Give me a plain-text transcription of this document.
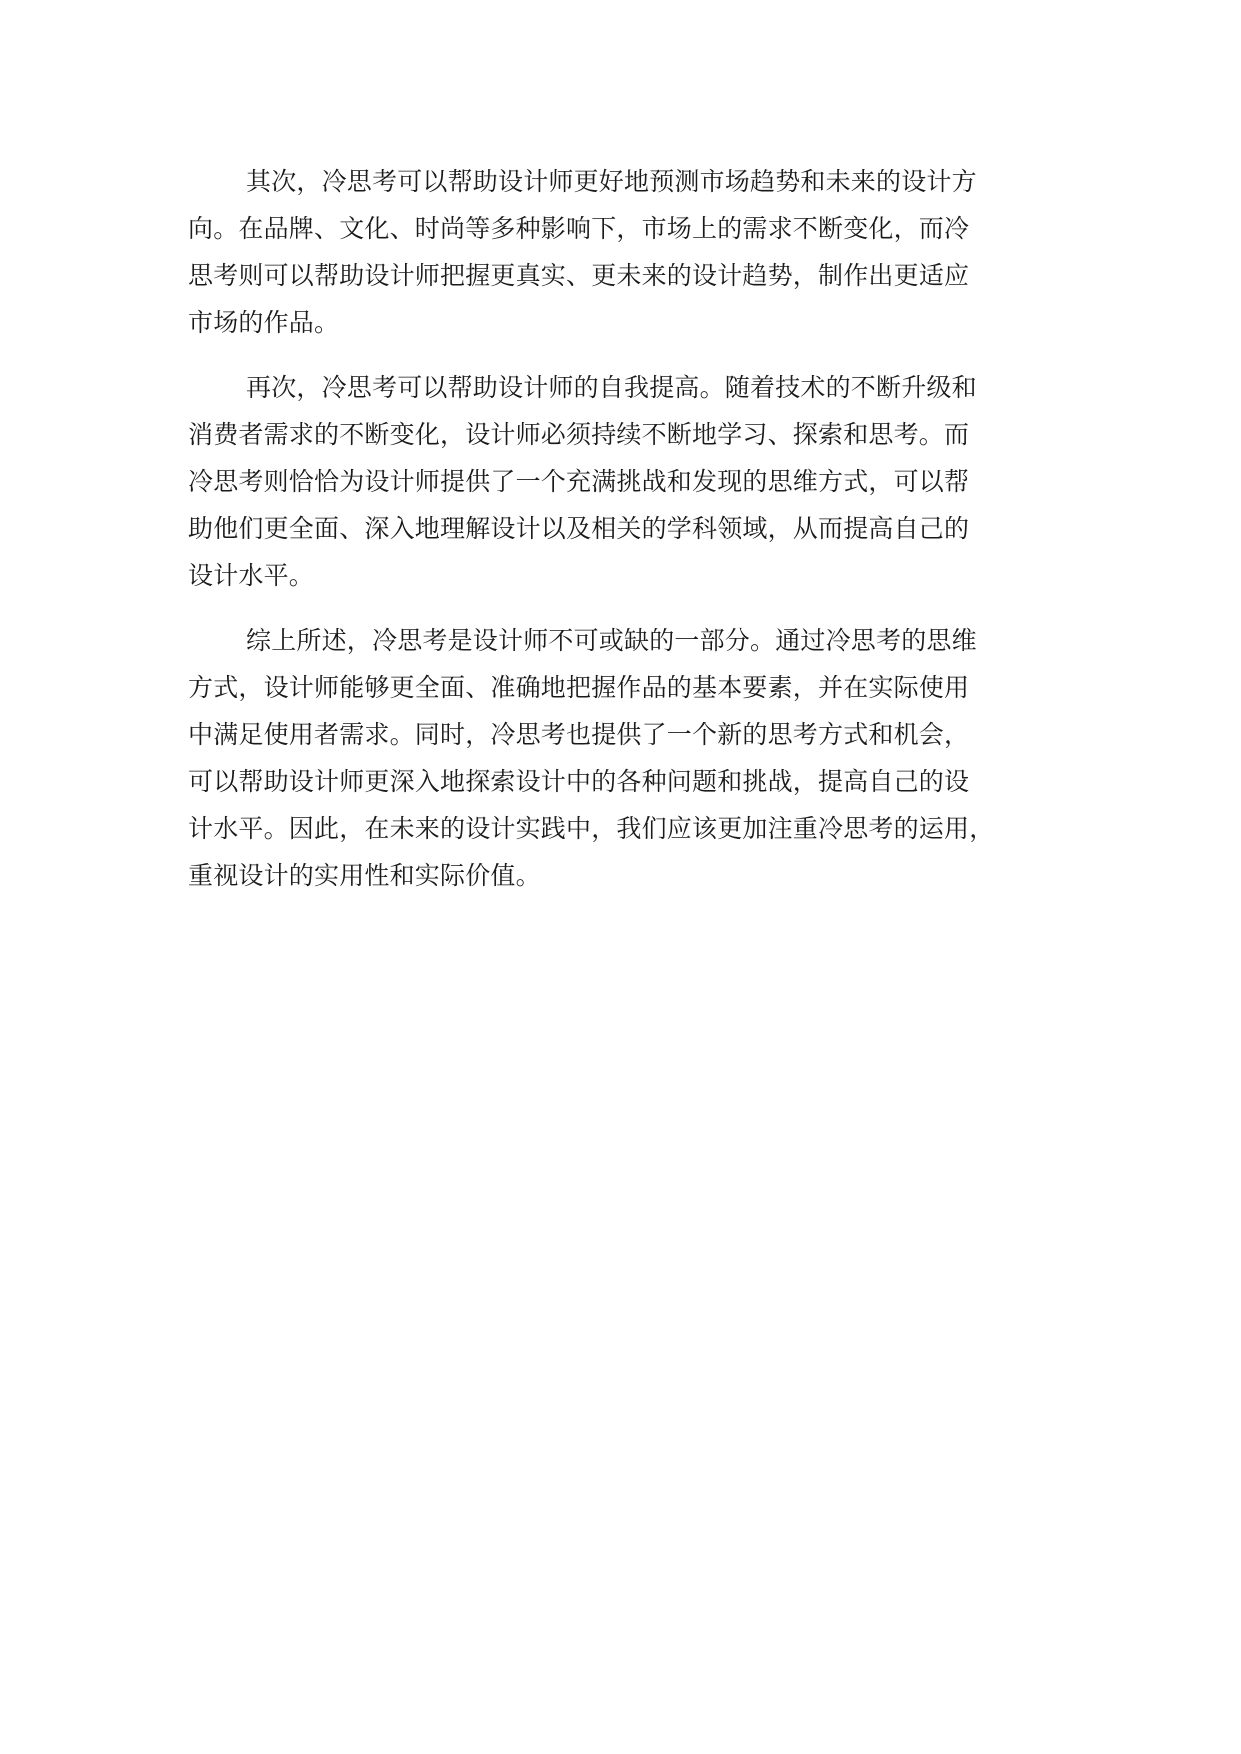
其次，冷思考可以帮助设计师更好地预测市场趋势和未来的设计方
向。在品牌、文化、时尚等多种影响下，市场上的需求不断变化，而冷
思考则可以帮助设计师把握更真实、更未来的设计趋势，制作出更适应
市场的作品。
再次，冷思考可以帮助设计师的自我提高。随着技术的不断升级和
消费者需求的不断变化，设计师必须持续不断地学习、探索和思考。而
冷思考则恰恰为设计师提供了一个充满挑战和发现的思维方式，可以帮
助他们更全面、深入地理解设计以及相关的学科领域，从而提高自己的
设计水平。
综上所述，冷思考是设计师不可或缺的一部分。通过冷思考的思维
方式，设计师能够更全面、准确地把握作品的基本要素，并在实际使用
中满足使用者需求。同时，冷思考也提供了一个新的思考方式和机会，
可以帮助设计师更深入地探索设计中的各种问题和挑战，提高自己的设
计水平。因此，在未来的设计实践中，我们应该更加注重冷思考的运用，
重视设计的实用性和实际价值。
